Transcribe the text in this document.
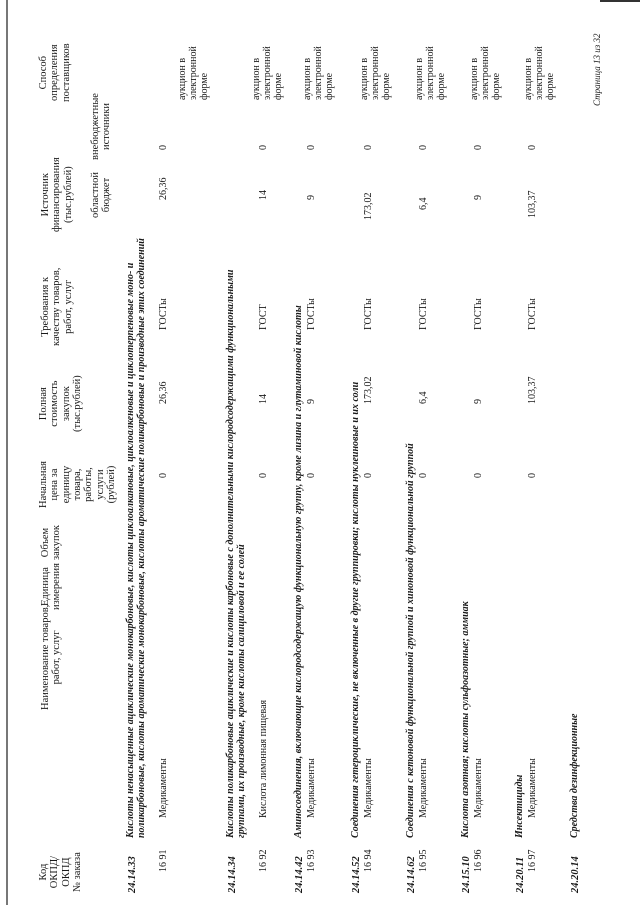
Код ОКПД/ ОКПД № заказа
Наименование товаров, работ, услуг
Единица измерения
Объем закупок
Начальная цена за единицу товара, работы, услуги (рублей)
Полная стоимость закупок (тыс.рублей)
Требования к качеству товаров, работ, услуг
Источник финансирования (тыс.рублей) областной бюджет
внебюджетные источники
Способ определения поставщиков
24.14.33
Кислоты ненасыщенные ациклические монокарбоновые, кислоты циклоалкановые, циклоалкеновые и циклотерпеновые моно- и поликарбоновые, кислоты ароматические монокарбоновые, кислоты ароматические поликарбоновые и производные этих соединений
16 91
Медикаменты
0
26,36
ГОСТы
26,36
0
аукцион в электронной форме
24.14.34
Кислоты поликарбоновые ациклические и кислоты карбоновые с дополнительными кислородсодержащими функциональными группами, их производные, кроме кислоты салициловой и ее солей
16 92
Кислота лимонная пищевая
0
14
ГОСТ
14
0
аукцион в электронной форме
24.14.42
Аминосоединения, включающие кислородсодержащую функциональную группу, кроме лизина и глутаминовой кислоты
16 93
Медикаменты
0
9
ГОСТы
9
0
аукцион в электронной форме
24.14.52
Соединения гетероциклические, не включенные в другие группировки; кислоты нуклеиновые и их соли
16 94
Медикаменты
0
173,02
ГОСТы
173,02
0
аукцион в электронной форме
24.14.62
Соединения с кетоновой функциональной группой и хиноновой функциональной группой
16 95
Медикаменты
0
6,4
ГОСТы
6,4
0
аукцион в электронной форме
24.15.10
Кислота азотная; кислоты сульфоазотные; аммиак
16 96
Медикаменты
0
9
ГОСТы
9
0
аукцион в электронной форме
24.20.11
Инсектициды
16 97
Медикаменты
0
103,37
ГОСТы
103,37
0
аукцион в электронной форме
24.20.14
Средства дезинфекционные
Страница 13 из 32
